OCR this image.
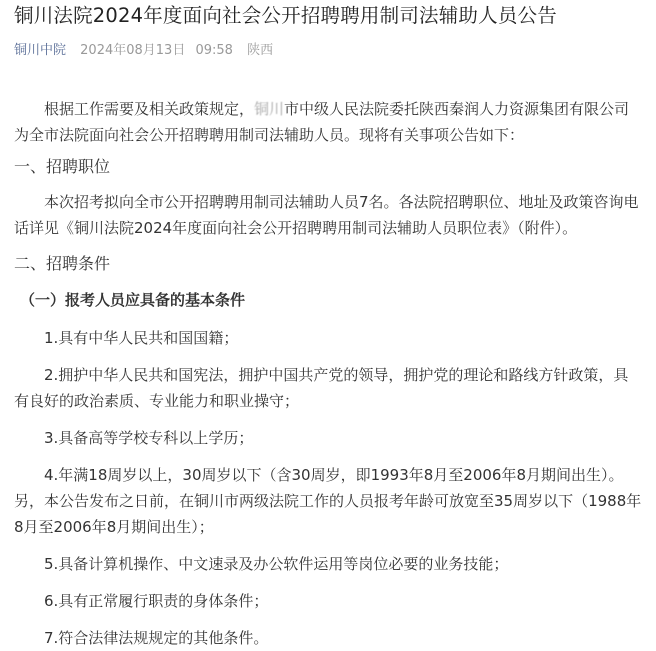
铜川法院2024年度面向社会公开招聘聘用制司法辅助人员公告
铜川中院 2024年08月13日 09:58 陕西

根据工作需要及相关政策规定，铜川市中级人民法院委托陕西秦润人力资源集团有限公司为全市法院面向社会公开招聘聘用制司法辅助人员。现将有关事项公告如下：

一、招聘职位

本次招考拟向全市公开招聘聘用制司法辅助人员7名。各法院招聘职位、地址及政策咨询电话详见《铜川法院2024年度面向社会公开招聘聘用制司法辅助人员职位表》（附件）。

二、招聘条件

（一）报考人员应具备的基本条件

1.具有中华人民共和国国籍；

2.拥护中华人民共和国宪法，拥护中国共产党的领导，拥护党的理论和路线方针政策，具有良好的政治素质、专业能力和职业操守；

3.具备高等学校专科以上学历；

4.年满18周岁以上，30周岁以下（含30周岁，即1993年8月至2006年8月期间出生）。另，本公告发布之日前，在铜川市两级法院工作的人员报考年龄可放宽至35周岁以下（1988年8月至2006年8月期间出生）；

5.具备计算机操作、中文速录及办公软件运用等岗位必要的业务技能；

6.具有正常履行职责的身体条件；

7.符合法律法规规定的其他条件。
